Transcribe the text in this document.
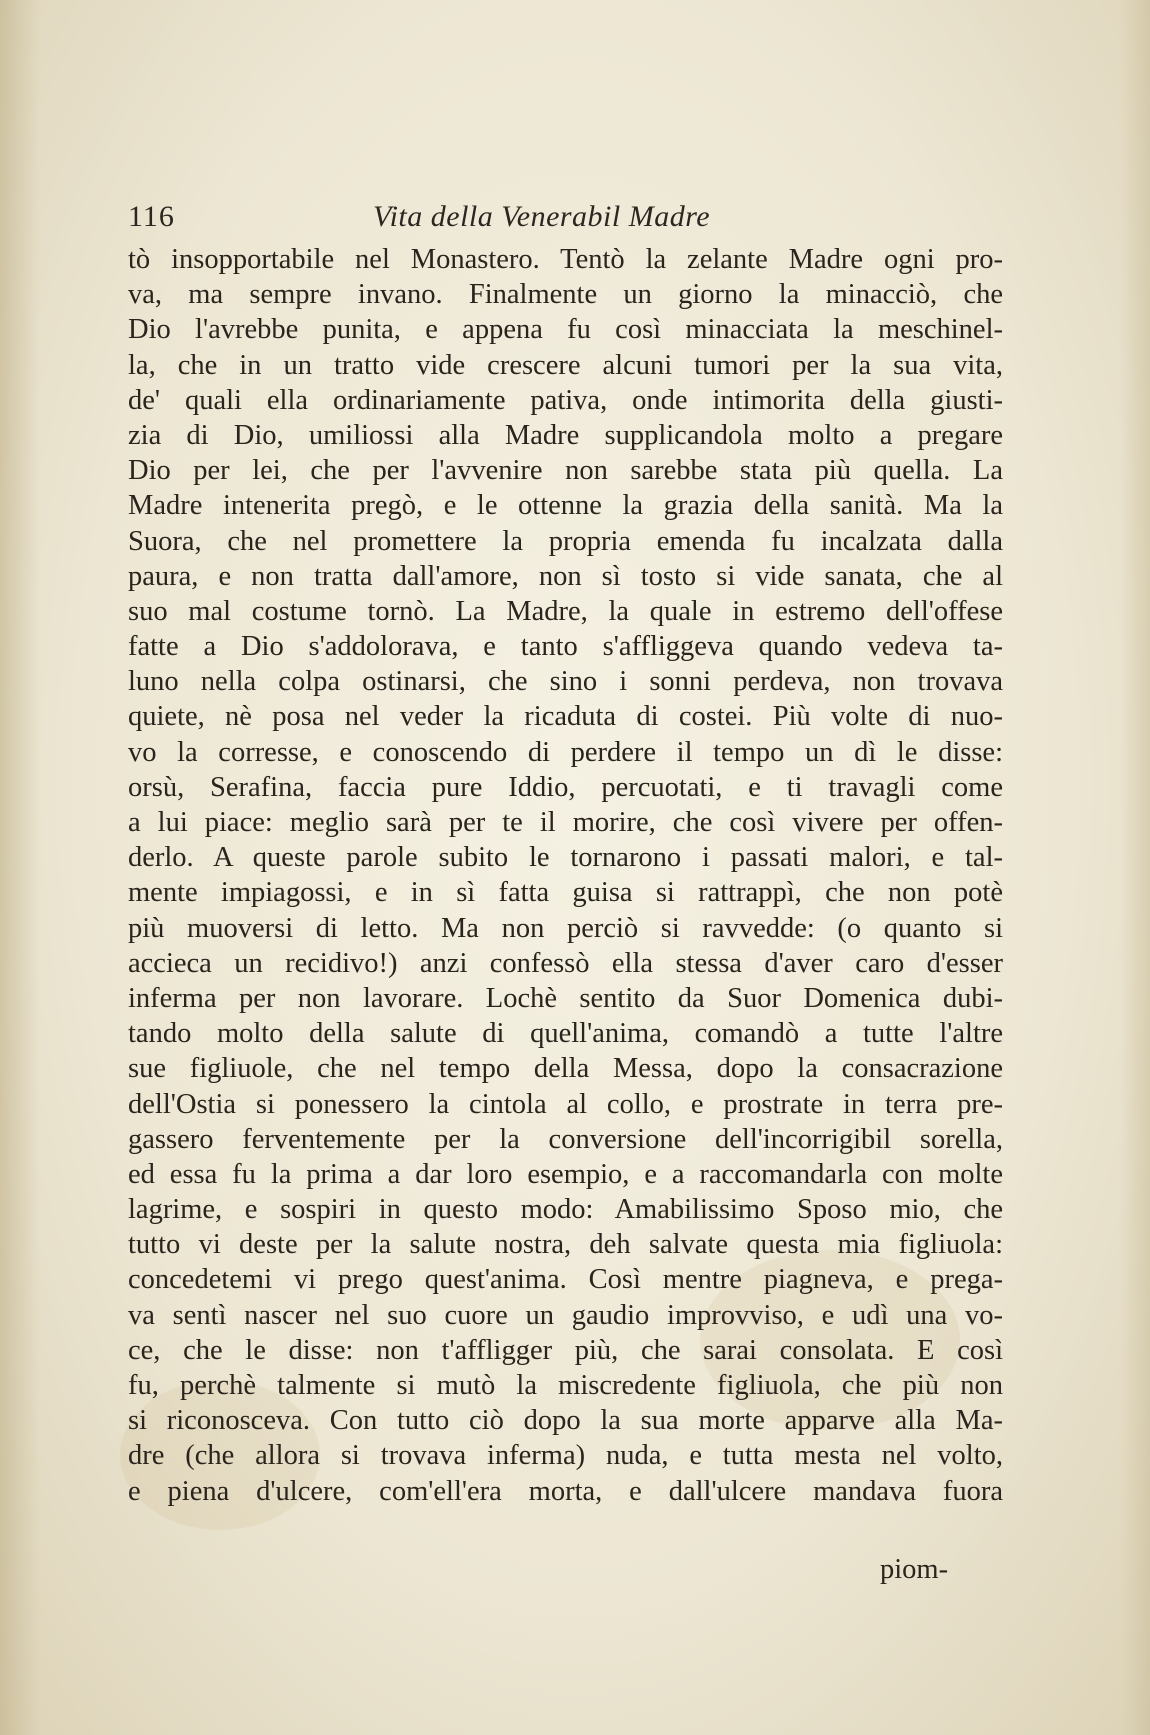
116	Vita della Venerabil Madre
tò insopportabile nel Monastero. Tentò la zelante Madre ogni pro-
va, ma sempre invano. Finalmente un giorno la minacciò, che
Dio l'avrebbe punita, e appena fu così minacciata la meschinel-
la, che in un tratto vide crescere alcuni tumori per la sua vita,
de' quali ella ordinariamente pativa, onde intimorita della giusti-
zia di Dio, umiliossi alla Madre supplicandola molto a pregare
Dio per lei, che per l'avvenire non sarebbe stata più quella. La
Madre intenerita pregò, e le ottenne la grazia della sanità. Ma la
Suora, che nel promettere la propria emenda fu incalzata dalla
paura, e non tratta dall'amore, non sì tosto si vide sanata, che al
suo mal costume tornò. La Madre, la quale in estremo dell'offese
fatte a Dio s'addolorava, e tanto s'affliggeva quando vedeva ta-
luno nella colpa ostinarsi, che sino i sonni perdeva, non trovava
quiete, nè posa nel veder la ricaduta di costei. Più volte di nuo-
vo la corresse, e conoscendo di perdere il tempo un dì le disse:
orsù, Serafina, faccia pure Iddio, percuotati, e ti travagli come
a lui piace: meglio sarà per te il morire, che così vivere per offen-
derlo. A queste parole subito le tornarono i passati malori, e tal-
mente impiagossi, e in sì fatta guisa si rattrappì, che non potè
più muoversi di letto. Ma non perciò si ravvedde: (o quanto si
accieca un recidivo!) anzi confessò ella stessa d'aver caro d'esser
inferma per non lavorare. Lochè sentito da Suor Domenica dubi-
tando molto della salute di quell'anima, comandò a tutte l'altre
sue figliuole, che nel tempo della Messa, dopo la consacrazione
dell'Ostia si ponessero la cintola al collo, e prostrate in terra pre-
gassero ferventemente per la conversione dell'incorrigibil sorella,
ed essa fu la prima a dar loro esempio, e a raccomandarla con molte
lagrime, e sospiri in questo modo: Amabilissimo Sposo mio, che
tutto vi deste per la salute nostra, deh salvate questa mia figliuola:
concedetemi vi prego quest'anima. Così mentre piagneva, e prega-
va sentì nascer nel suo cuore un gaudio improvviso, e udì una vo-
ce, che le disse: non t'affligger più, che sarai consolata. E così
fu, perchè talmente si mutò la miscredente figliuola, che più non
si riconosceva. Con tutto ciò dopo la sua morte apparve alla Ma-
dre (che allora si trovava inferma) nuda, e tutta mesta nel volto,
e piena d'ulcere, com'ell'era morta, e dall'ulcere mandava fuora
piom-
